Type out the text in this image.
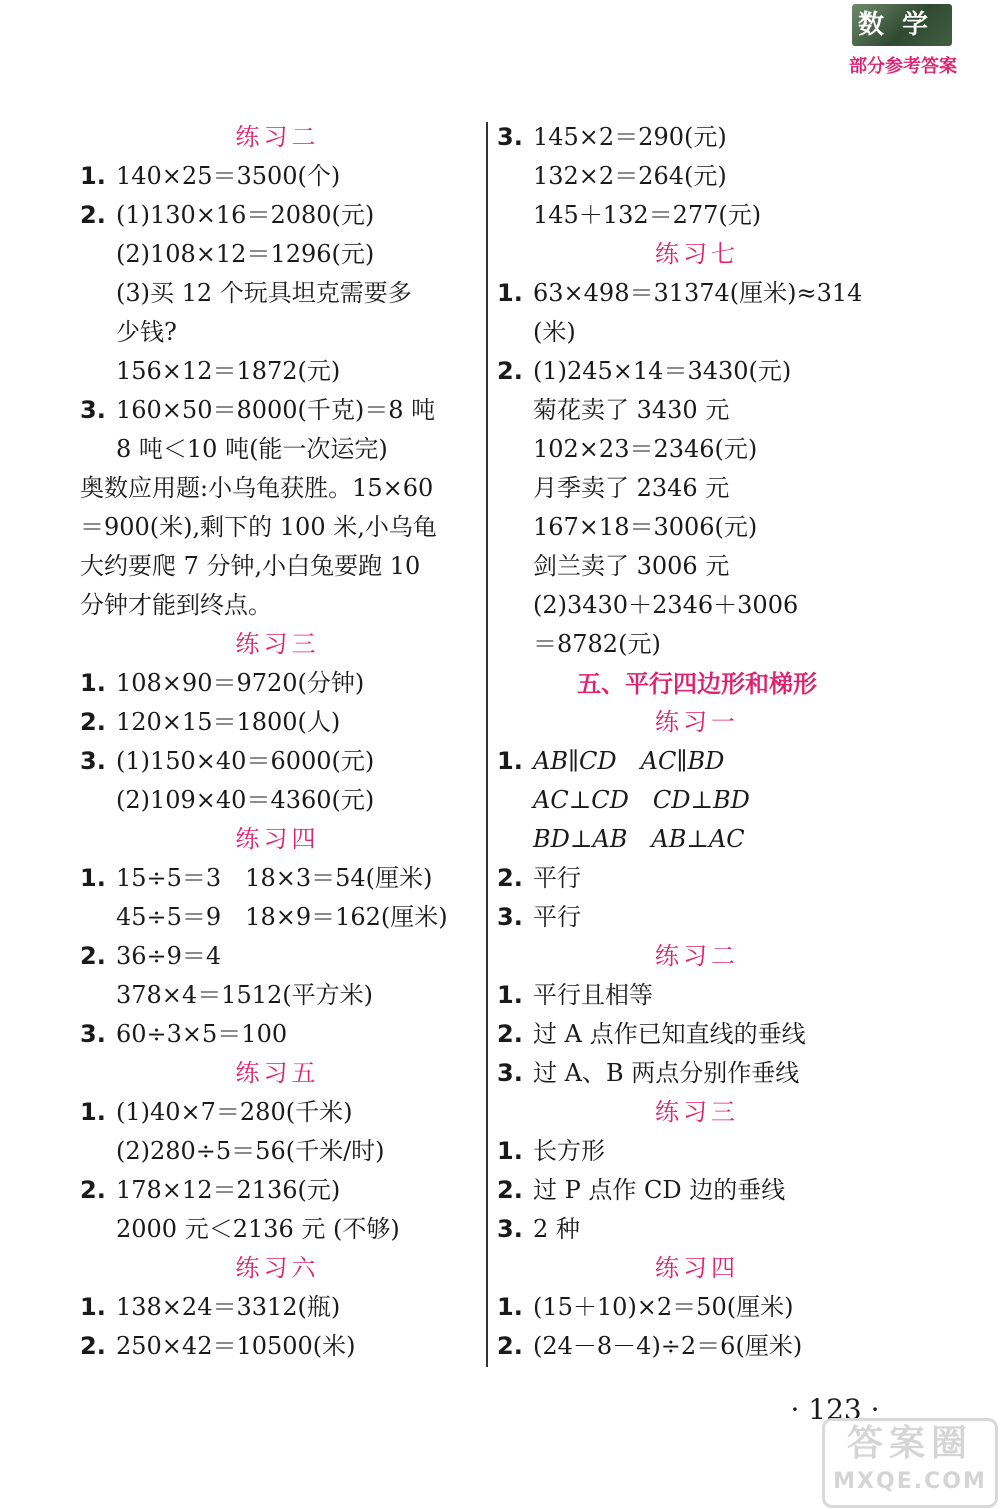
数学
部分参考答案
练习二
1. 140×25＝3500(个)
2. (1)130×16＝2080(元)
(2)108×12＝1296(元)
(3)买 12 个玩具坦克需要多
少钱?
156×12＝1872(元)
3. 160×50＝8000(千克)＝8 吨
8 吨＜10 吨(能一次运完)
奥数应用题:小乌龟获胜。15×60
＝900(米),剩下的 100 米,小乌龟
大约要爬 7 分钟,小白兔要跑 10
分钟才能到终点。
练习三
1. 108×90＝9720(分钟)
2. 120×15＝1800(人)
3. (1)150×40＝6000(元)
(2)109×40＝4360(元)
练习四
1. 15÷5＝3　18×3＝54(厘米)
45÷5＝9　18×9＝162(厘米)
2. 36÷9＝4
378×4＝1512(平方米)
3. 60÷3×5＝100
练习五
1. (1)40×7＝280(千米)
(2)280÷5＝56(千米/时)
2. 178×12＝2136(元)
2000 元＜2136 元 (不够)
练习六
1. 138×24＝3312(瓶)
2. 250×42＝10500(米)
3. 145×2＝290(元)
132×2＝264(元)
145＋132＝277(元)
练习七
1. 63×498＝31374(厘米)≈314
(米)
2. (1)245×14＝3430(元)
菊花卖了 3430 元
102×23＝2346(元)
月季卖了 2346 元
167×18＝3006(元)
剑兰卖了 3006 元
(2)3430＋2346＋3006
＝8782(元)
五、平行四边形和梯形
练习一
1. AB∥CD　AC∥BD
AC⊥CD　CD⊥BD
BD⊥AB　AB⊥AC
2. 平行
3. 平行
练习二
1. 平行且相等
2. 过 A 点作已知直线的垂线
3. 过 A、B 两点分别作垂线
练习三
1. 长方形
2. 过 P 点作 CD 边的垂线
3. 2 种
练习四
1. (15＋10)×2＝50(厘米)
2. (24－8－4)÷2＝6(厘米)
· 123 ·
答案圈
MXQE.COM
